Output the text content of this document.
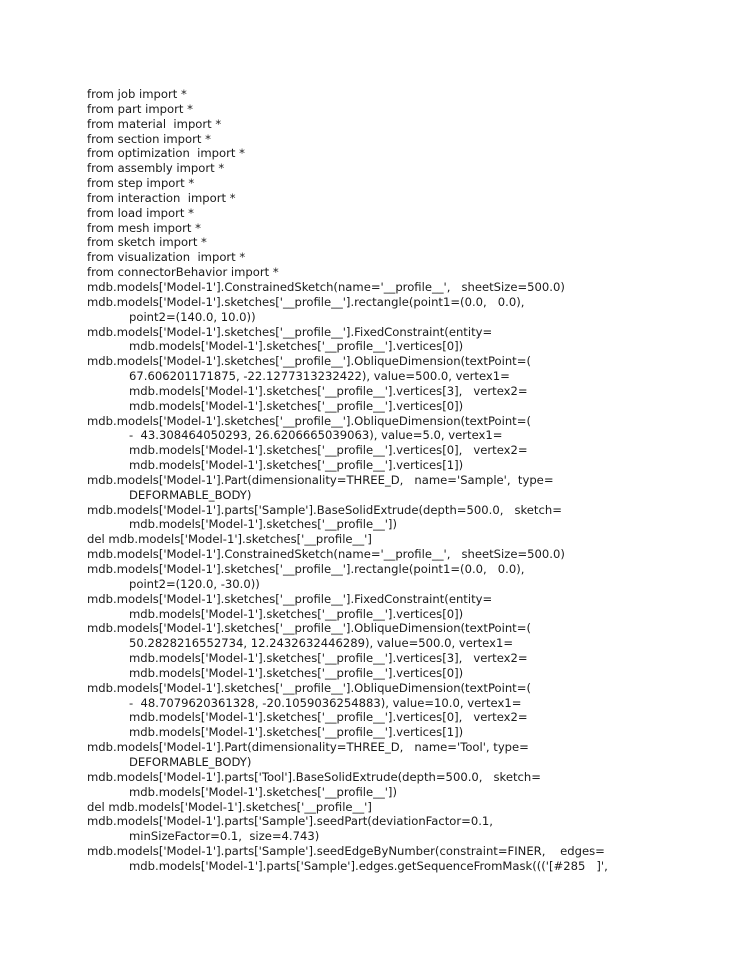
from job import *
from part import *
from material  import *
from section import *
from optimization  import *
from assembly import *
from step import *
from interaction  import *
from load import *
from mesh import *
from sketch import *
from visualization  import *
from connectorBehavior import *
mdb.models['Model-1'].ConstrainedSketch(name='__profile__',   sheetSize=500.0)
mdb.models['Model-1'].sketches['__profile__'].rectangle(point1=(0.0,   0.0),
point2=(140.0, 10.0))
mdb.models['Model-1'].sketches['__profile__'].FixedConstraint(entity=
mdb.models['Model-1'].sketches['__profile__'].vertices[0])
mdb.models['Model-1'].sketches['__profile__'].ObliqueDimension(textPoint=(
67.606201171875, -22.1277313232422), value=500.0, vertex1=
mdb.models['Model-1'].sketches['__profile__'].vertices[3],   vertex2=
mdb.models['Model-1'].sketches['__profile__'].vertices[0])
mdb.models['Model-1'].sketches['__profile__'].ObliqueDimension(textPoint=(
-  43.308464050293, 26.6206665039063), value=5.0, vertex1=
mdb.models['Model-1'].sketches['__profile__'].vertices[0],   vertex2=
mdb.models['Model-1'].sketches['__profile__'].vertices[1])
mdb.models['Model-1'].Part(dimensionality=THREE_D,   name='Sample',  type=
DEFORMABLE_BODY)
mdb.models['Model-1'].parts['Sample'].BaseSolidExtrude(depth=500.0,   sketch=
mdb.models['Model-1'].sketches['__profile__'])
del mdb.models['Model-1'].sketches['__profile__']
mdb.models['Model-1'].ConstrainedSketch(name='__profile__',   sheetSize=500.0)
mdb.models['Model-1'].sketches['__profile__'].rectangle(point1=(0.0,   0.0),
point2=(120.0, -30.0))
mdb.models['Model-1'].sketches['__profile__'].FixedConstraint(entity=
mdb.models['Model-1'].sketches['__profile__'].vertices[0])
mdb.models['Model-1'].sketches['__profile__'].ObliqueDimension(textPoint=(
50.2828216552734, 12.2432632446289), value=500.0, vertex1=
mdb.models['Model-1'].sketches['__profile__'].vertices[3],   vertex2=
mdb.models['Model-1'].sketches['__profile__'].vertices[0])
mdb.models['Model-1'].sketches['__profile__'].ObliqueDimension(textPoint=(
-  48.7079620361328, -20.1059036254883), value=10.0, vertex1=
mdb.models['Model-1'].sketches['__profile__'].vertices[0],   vertex2=
mdb.models['Model-1'].sketches['__profile__'].vertices[1])
mdb.models['Model-1'].Part(dimensionality=THREE_D,   name='Tool', type=
DEFORMABLE_BODY)
mdb.models['Model-1'].parts['Tool'].BaseSolidExtrude(depth=500.0,   sketch=
mdb.models['Model-1'].sketches['__profile__'])
del mdb.models['Model-1'].sketches['__profile__']
mdb.models['Model-1'].parts['Sample'].seedPart(deviationFactor=0.1,
minSizeFactor=0.1,  size=4.743)
mdb.models['Model-1'].parts['Sample'].seedEdgeByNumber(constraint=FINER,    edges=
mdb.models['Model-1'].parts['Sample'].edges.getSequenceFromMask((('[#285   ]',
